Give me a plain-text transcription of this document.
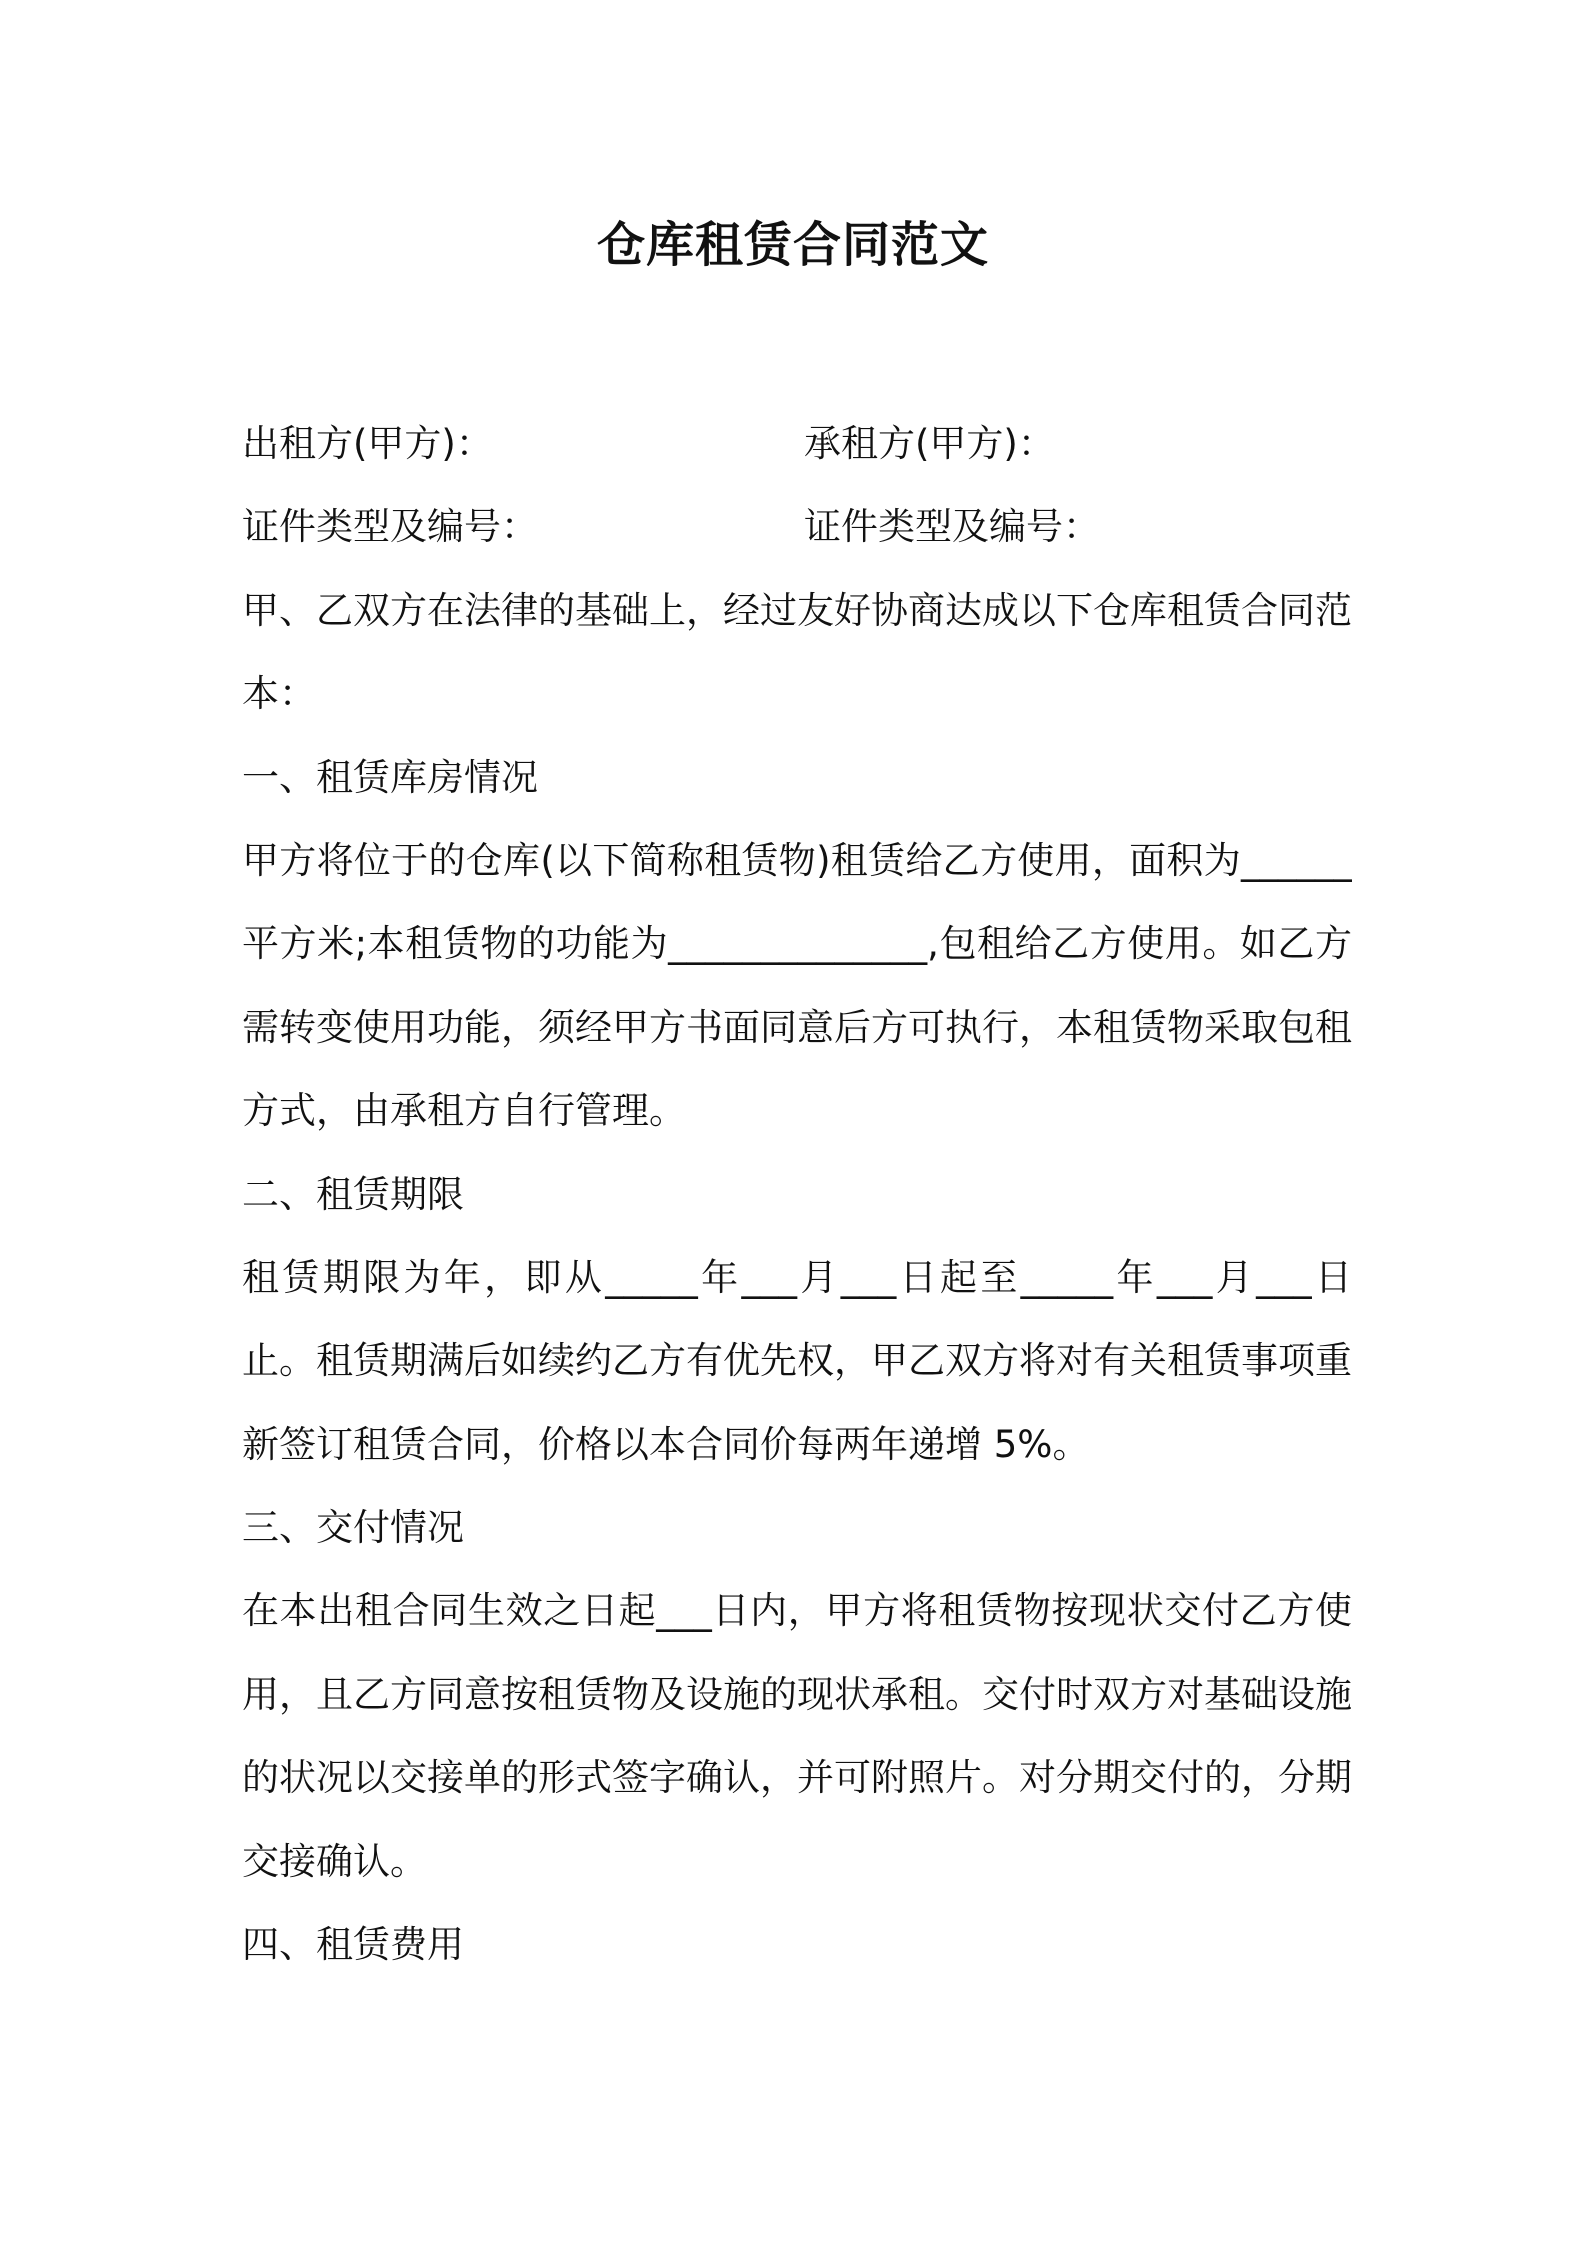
仓库租赁合同范文
出租方(甲方)：	承租方(甲方)：
证件类型及编号：	证件类型及编号：
甲、乙双方在法律的基础上，经过友好协商达成以下仓库租赁合同范
本：
一、租赁库房情况
甲方将位于的仓库(以下简称租赁物)租赁给乙方使用，面积为______
平方米;本租赁物的功能为______________,包租给乙方使用。如乙方
需转变使用功能，须经甲方书面同意后方可执行，本租赁物采取包租
方式，由承租方自行管理。
二、租赁期限
租赁期限为年，即从_____年___月___日起至_____年___月___日
止。租赁期满后如续约乙方有优先权，甲乙双方将对有关租赁事项重
新签订租赁合同，价格以本合同价每两年递增 5%。
三、交付情况
在本出租合同生效之日起___日内，甲方将租赁物按现状交付乙方使
用，且乙方同意按租赁物及设施的现状承租。交付时双方对基础设施
的状况以交接单的形式签字确认，并可附照片。对分期交付的，分期
交接确认。
四、租赁费用
